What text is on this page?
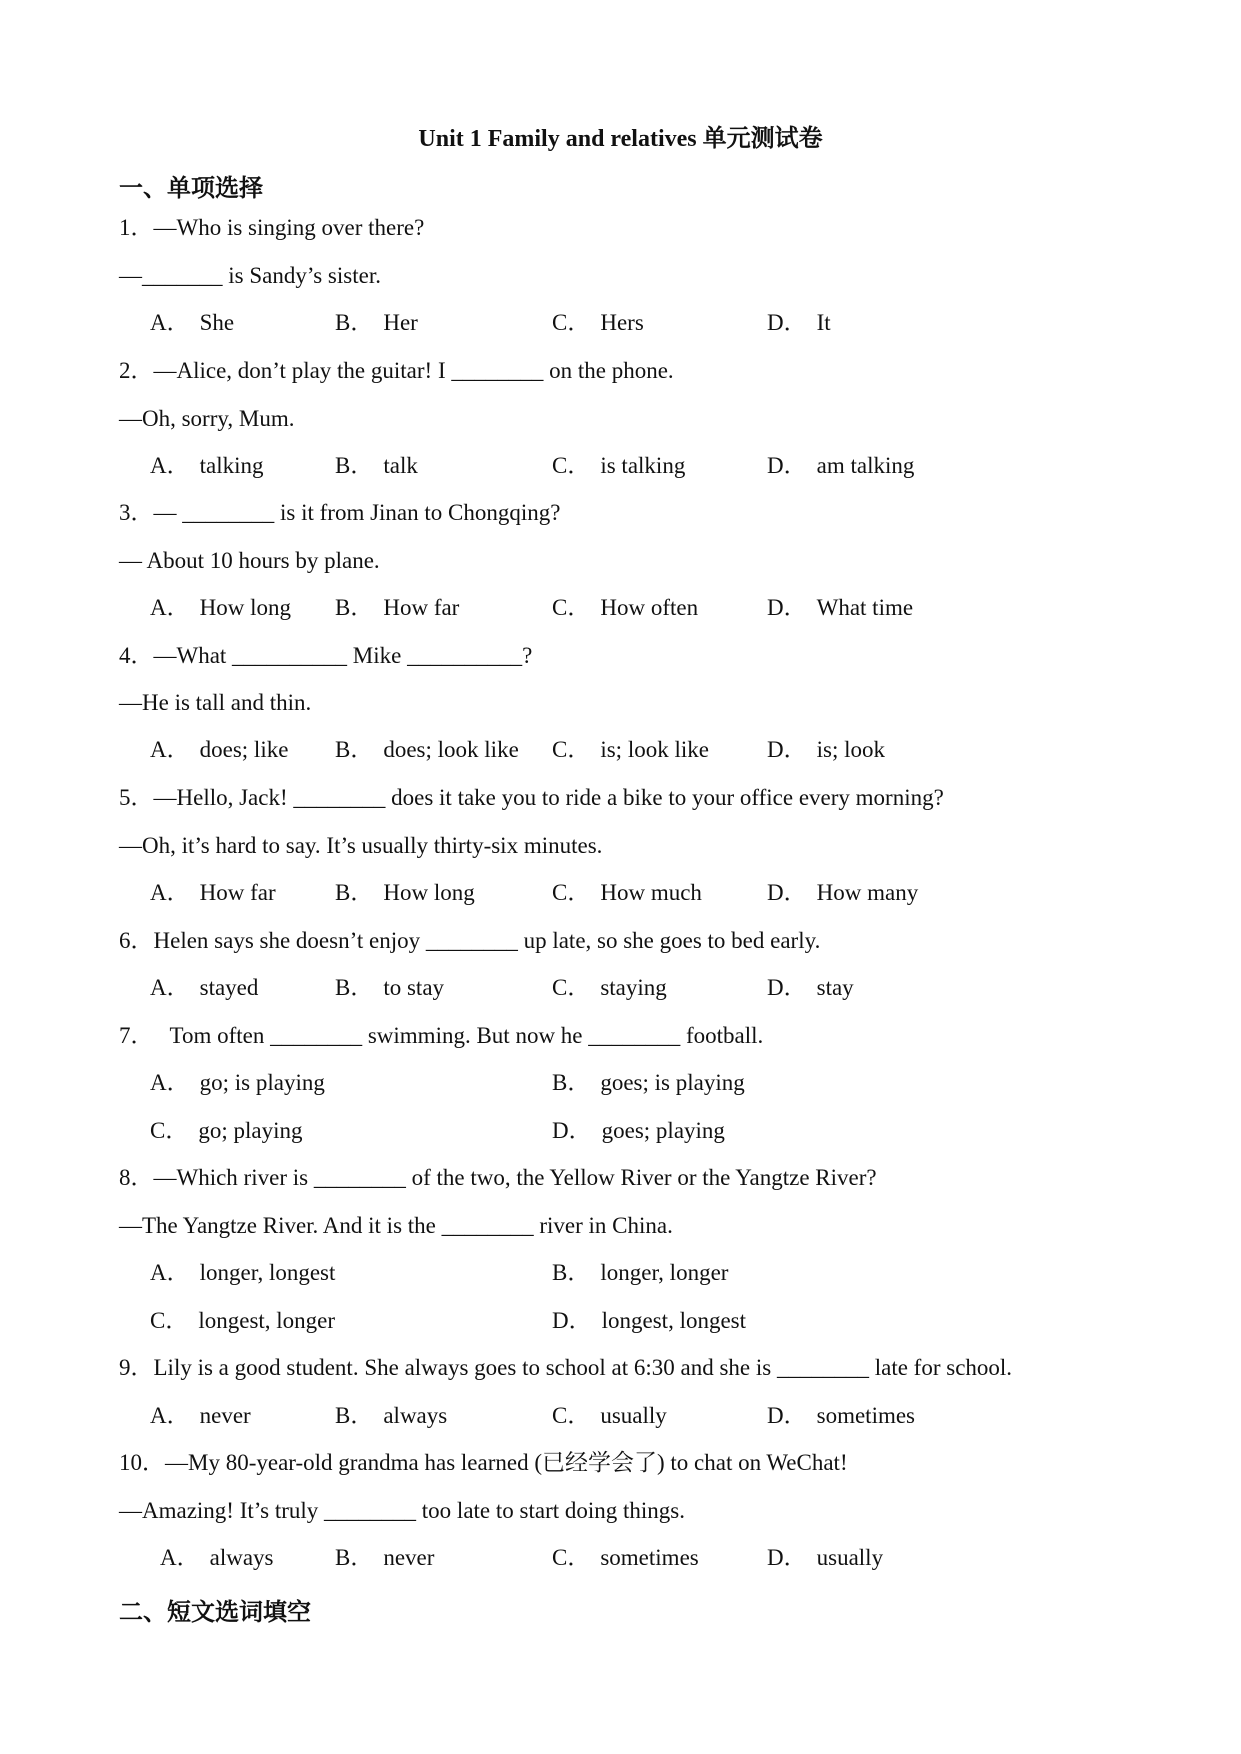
Unit 1 Family and relatives 单元测试卷
一、单项选择
1．—Who is singing over there?
—_______ is Sandy’s sister.
A． She	B． Her	C． Hers	D． It
2．—Alice, don’t play the guitar! I ________ on the phone.
—Oh, sorry, Mum.
A． talking	B． talk	C． is talking	D． am talking
3．— ________ is it from Jinan to Chongqing?
— About 10 hours by plane.
A． How long B． How far	C． How often	D． What time
4．—What __________ Mike __________?
—He is tall and thin.
A． does; like B． does; look like C． is; look like	D． is; look
5．—Hello, Jack! ________ does it take you to ride a bike to your office every morning?
—Oh, it’s hard to say. It’s usually thirty-six minutes.
A． How far	B． How long	C． How much	D． How many
6．Helen says she doesn’t enjoy ________ up late, so she goes to bed early.
A． stayed	B． to stay	C． staying	D． stay
7． Tom often ________ swimming. But now he ________ football.
A． go; is playing	B． goes; is playing
C． go; playing	D． goes; playing
8．—Which river is ________ of the two, the Yellow River or the Yangtze River?
—The Yangtze River. And it is the ________ river in China.
A． longer, longest	B． longer, longer
C． longest, longer	D． longest, longest
9．Lily is a good student. She always goes to school at 6:30 and she is ________ late for school.
A． never	B． always	C． usually	D． sometimes
10．—My 80-year-old grandma has learned (已经学会了) to chat on WeChat!
—Amazing! It’s truly ________ too late to start doing things.
A． always	B． never	C． sometimes	D． usually
二、短文选词填空
